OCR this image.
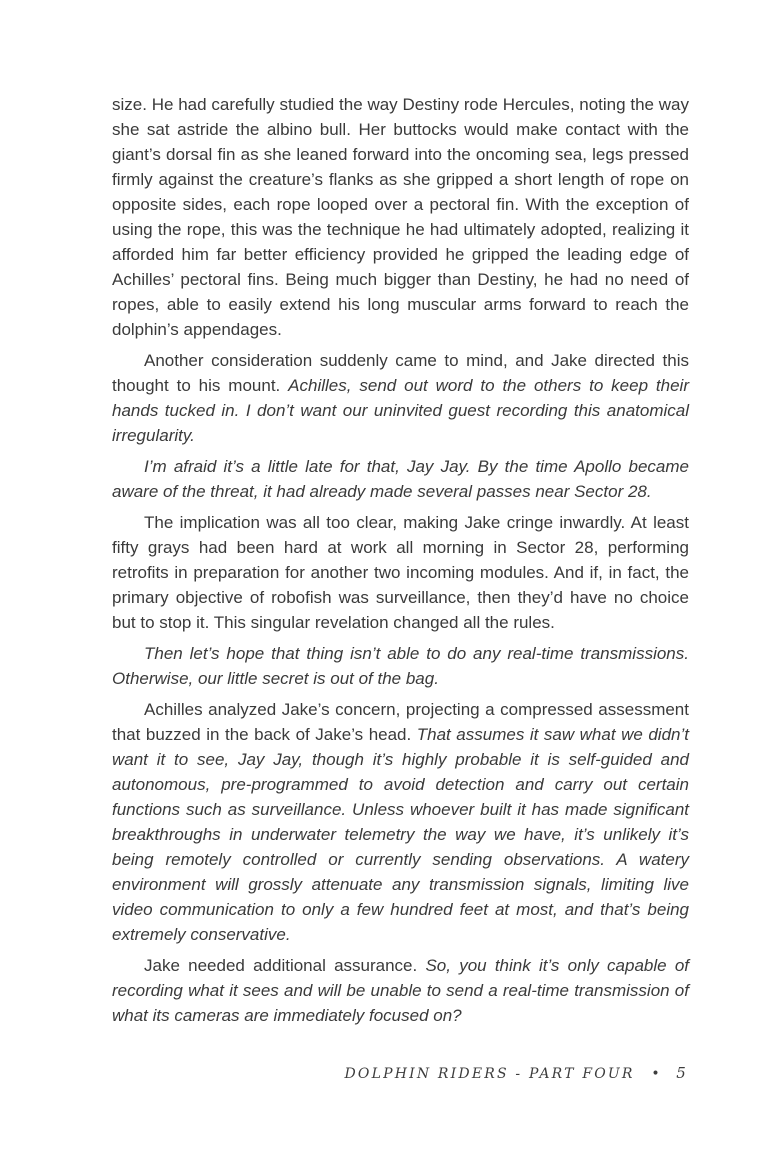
size. He had carefully studied the way Destiny rode Hercules, noting the way she sat astride the albino bull. Her buttocks would make contact with the giant’s dorsal fin as she leaned forward into the oncoming sea, legs pressed firmly against the creature’s flanks as she gripped a short length of rope on opposite sides, each rope looped over a pectoral fin. With the exception of using the rope, this was the technique he had ultimately adopted, realizing it afforded him far better efficiency provided he gripped the leading edge of Achilles’ pectoral fins. Being much bigger than Destiny, he had no need of ropes, able to easily extend his long muscular arms forward to reach the dolphin’s appendages.

Another consideration suddenly came to mind, and Jake directed this thought to his mount. Achilles, send out word to the others to keep their hands tucked in. I don’t want our uninvited guest recording this anatomical irregularity.

I’m afraid it’s a little late for that, Jay Jay. By the time Apollo became aware of the threat, it had already made several passes near Sector 28.

The implication was all too clear, making Jake cringe inwardly. At least fifty grays had been hard at work all morning in Sector 28, performing retrofits in preparation for another two incoming modules. And if, in fact, the primary objective of robofish was surveillance, then they’d have no choice but to stop it. This singular revelation changed all the rules.

Then let’s hope that thing isn’t able to do any real-time transmissions. Otherwise, our little secret is out of the bag.

Achilles analyzed Jake’s concern, projecting a compressed assessment that buzzed in the back of Jake’s head. That assumes it saw what we didn’t want it to see, Jay Jay, though it’s highly probable it is self-guided and autonomous, pre-programmed to avoid detection and carry out certain functions such as surveillance. Unless whoever built it has made significant breakthroughs in underwater telemetry the way we have, it’s unlikely it’s being remotely controlled or currently sending observations. A watery environment will grossly attenuate any transmission signals, limiting live video communication to only a few hundred feet at most, and that’s being extremely conservative.

Jake needed additional assurance. So, you think it’s only capable of recording what it sees and will be unable to send a real-time transmission of what its cameras are immediately focused on?

DOLPHIN RIDERS - PART FOUR • 5
